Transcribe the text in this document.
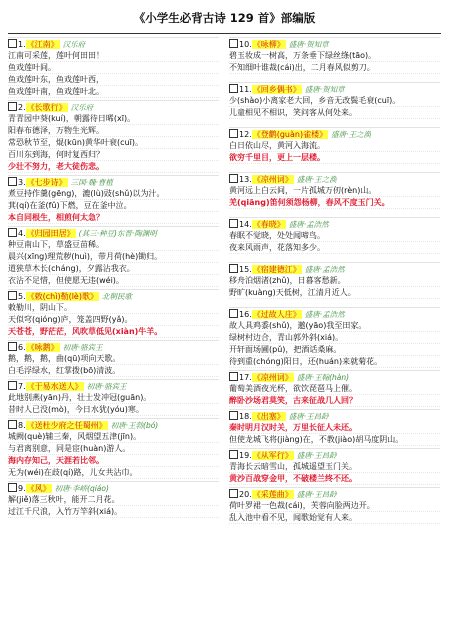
《小学生必背古诗 129 首》部编版
1.《江南》 汉乐府
江南可采莲，莲叶何田田！
鱼戏莲叶间。
鱼戏莲叶东，鱼戏莲叶西，
鱼戏莲叶南，鱼戏莲叶北。
2.《长歌行》 汉乐府
青青园中葵(kuí)，朝露待日晞(xī)。
阳春布德泽，万物生光辉。
常恐秋节至，焜(kūn)黄华叶衰(cuī)。
百川东到海，何时复西归？
少壮不努力，老大徒伤悲。
3.《七步诗》 三国·魏·曹植
煮豆持作羹(gēng)，漉(lù)豉(shǔ)以为汁。
萁(qí)在釜(fǔ)下燃，豆在釜中泣。
本自同根生，相煎何太急？
4.《归园田居》 (其三·种豆)东晋·陶渊明
种豆南山下，草盛豆苗稀。
晨兴(xīng)理荒秽(huì)，带月荷(hè)锄归。
道狭草木长(cháng)，夕露沾我衣。
衣沾不足惜，但使愿无违(wéi)。
5.《敕(chì)勒(lè)歌》 北朝民歌
敕勒川，阴山下。
天似穹(qióng)庐，笼盖四野(yǎ)。
天苍苍，野茫茫，风吹草低见(xiàn)牛羊。
6.《咏鹅》 初唐·骆宾王
鹅，鹅，鹅，曲(qū)项向天歌。
白毛浮绿水，红掌拨(bō)清波。
7.《于易水送人》 初唐·骆宾王
此地别燕(yān)丹，壮士发冲冠(guān)。
昔时人已没(mò)，今日水犹(yóu)寒。
8.《送杜少府之任蜀州》 初唐·王勃(bó)
城阙(què)辅三秦，风烟望五津(jīn)。
与君离别意，同是宦(huàn)游人。
海内存知己，天涯若比邻。
无为(wéi)在歧(qí)路，儿女共沾巾。
9.《风》 初唐·李峤(qiáo)
解(jiě)落三秋叶，能开二月花。
过江千尺浪，入竹万竿斜(xiá)。
10.《咏柳》 盛唐·贺知章
碧玉妆成一树高，万条垂下绿丝绦(tāo)。
不知细叶谁裁(cái)出，二月春风似剪刀。
11.《回乡偶书》 盛唐·贺知章
少(shào)小离家老大回，乡音无改鬓毛衰(cuī)。
儿童相见不相识，笑问客从何处来。
12.《登鹳(guàn)雀楼》 盛唐·王之涣
白日依山尽，黄河入海流。
欲穷千里目，更上一层楼。
13.《凉州词》 盛唐·王之涣
黄河远上白云间，一片孤城万仞(rèn)山。
羌(qiāng)笛何须怨杨柳，春风不度玉门关。
14.《春晓》 盛唐·孟浩然
春眠不觉晓，处处闻啼鸟。
夜来风雨声，花落知多少。
15.《宿建德江》 盛唐·孟浩然
移舟泊烟渚(zhǔ)，日暮客愁新。
野旷(kuàng)天低树，江清月近人。
16.《过故人庄》 盛唐·孟浩然
故人具鸡黍(shǔ)，邀(yāo)我至田家。
绿树村边合，青山郭外斜(xiá)。
开轩面场圃(pǔ)，把酒话桑麻。
待到重(chóng)阳日，还(huán)来就菊花。
17.《凉州词》 盛唐·王翰(hàn)
葡萄美酒夜光杯，欲饮琵琶马上催。
醉卧沙场君莫笑，古来征战几人回？
18.《出塞》 盛唐·王昌龄
秦时明月汉时关，万里长征人未还。
但使龙城飞将(jiàng)在，不教(jiào)胡马度阴山。
19.《从军行》 盛唐·王昌龄
青海长云暗雪山，孤城遥望玉门关。
黄沙百战穿金甲，不破楼兰终不还。
20.《采莲曲》 盛唐·王昌龄
荷叶罗裙一色裁(cái)，芙蓉向脸两边开。
乱入池中看不见，闻歌始觉有人来。
